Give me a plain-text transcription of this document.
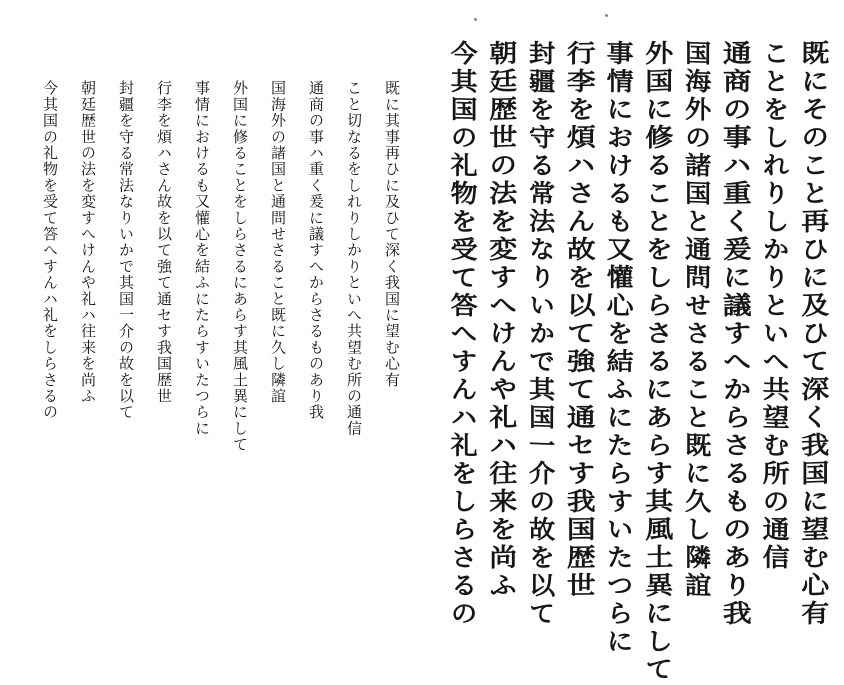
既に其事再ひに及ひて深く我国に望む心有
こと切なるをしれりしかりといへ共望む所の通信
通商の事ハ重く爰に議すへからさるものあり我
国海外の諸国と通問せさること既に久し隣誼
外国に修ることをしらさるにあらす其風土異にして
事情におけるも又懽心を結ふにたらすいたつらに
行李を煩ハさん故を以て強て通セす我国歴世
封疆を守る常法なりいかで其国一介の故を以て
朝廷歴世の法を変すへけんや礼ハ往来を尚ふ
今其国の礼物を受て答へすんハ礼をしらさるの	既にそのこと再ひに及ひて深く我国に望む心有
ことをしれりしかりといへ共望む所の通信
通商の事ハ重く爰に議すへからさるものあり我
国海外の諸国と通問せさること既に久し隣誼
外国に修ることをしらさるにあらす其風土異にして
事情におけるも又懽心を結ふにたらすいたつらに
行李を煩ハさん故を以て強て通セす我国歴世
封疆を守る常法なりいかで其国一介の故を以て
朝廷歴世の法を変すへけんや礼ハ往来を尚ふ
今其国の礼物を受て答へすんハ礼をしらさるの
